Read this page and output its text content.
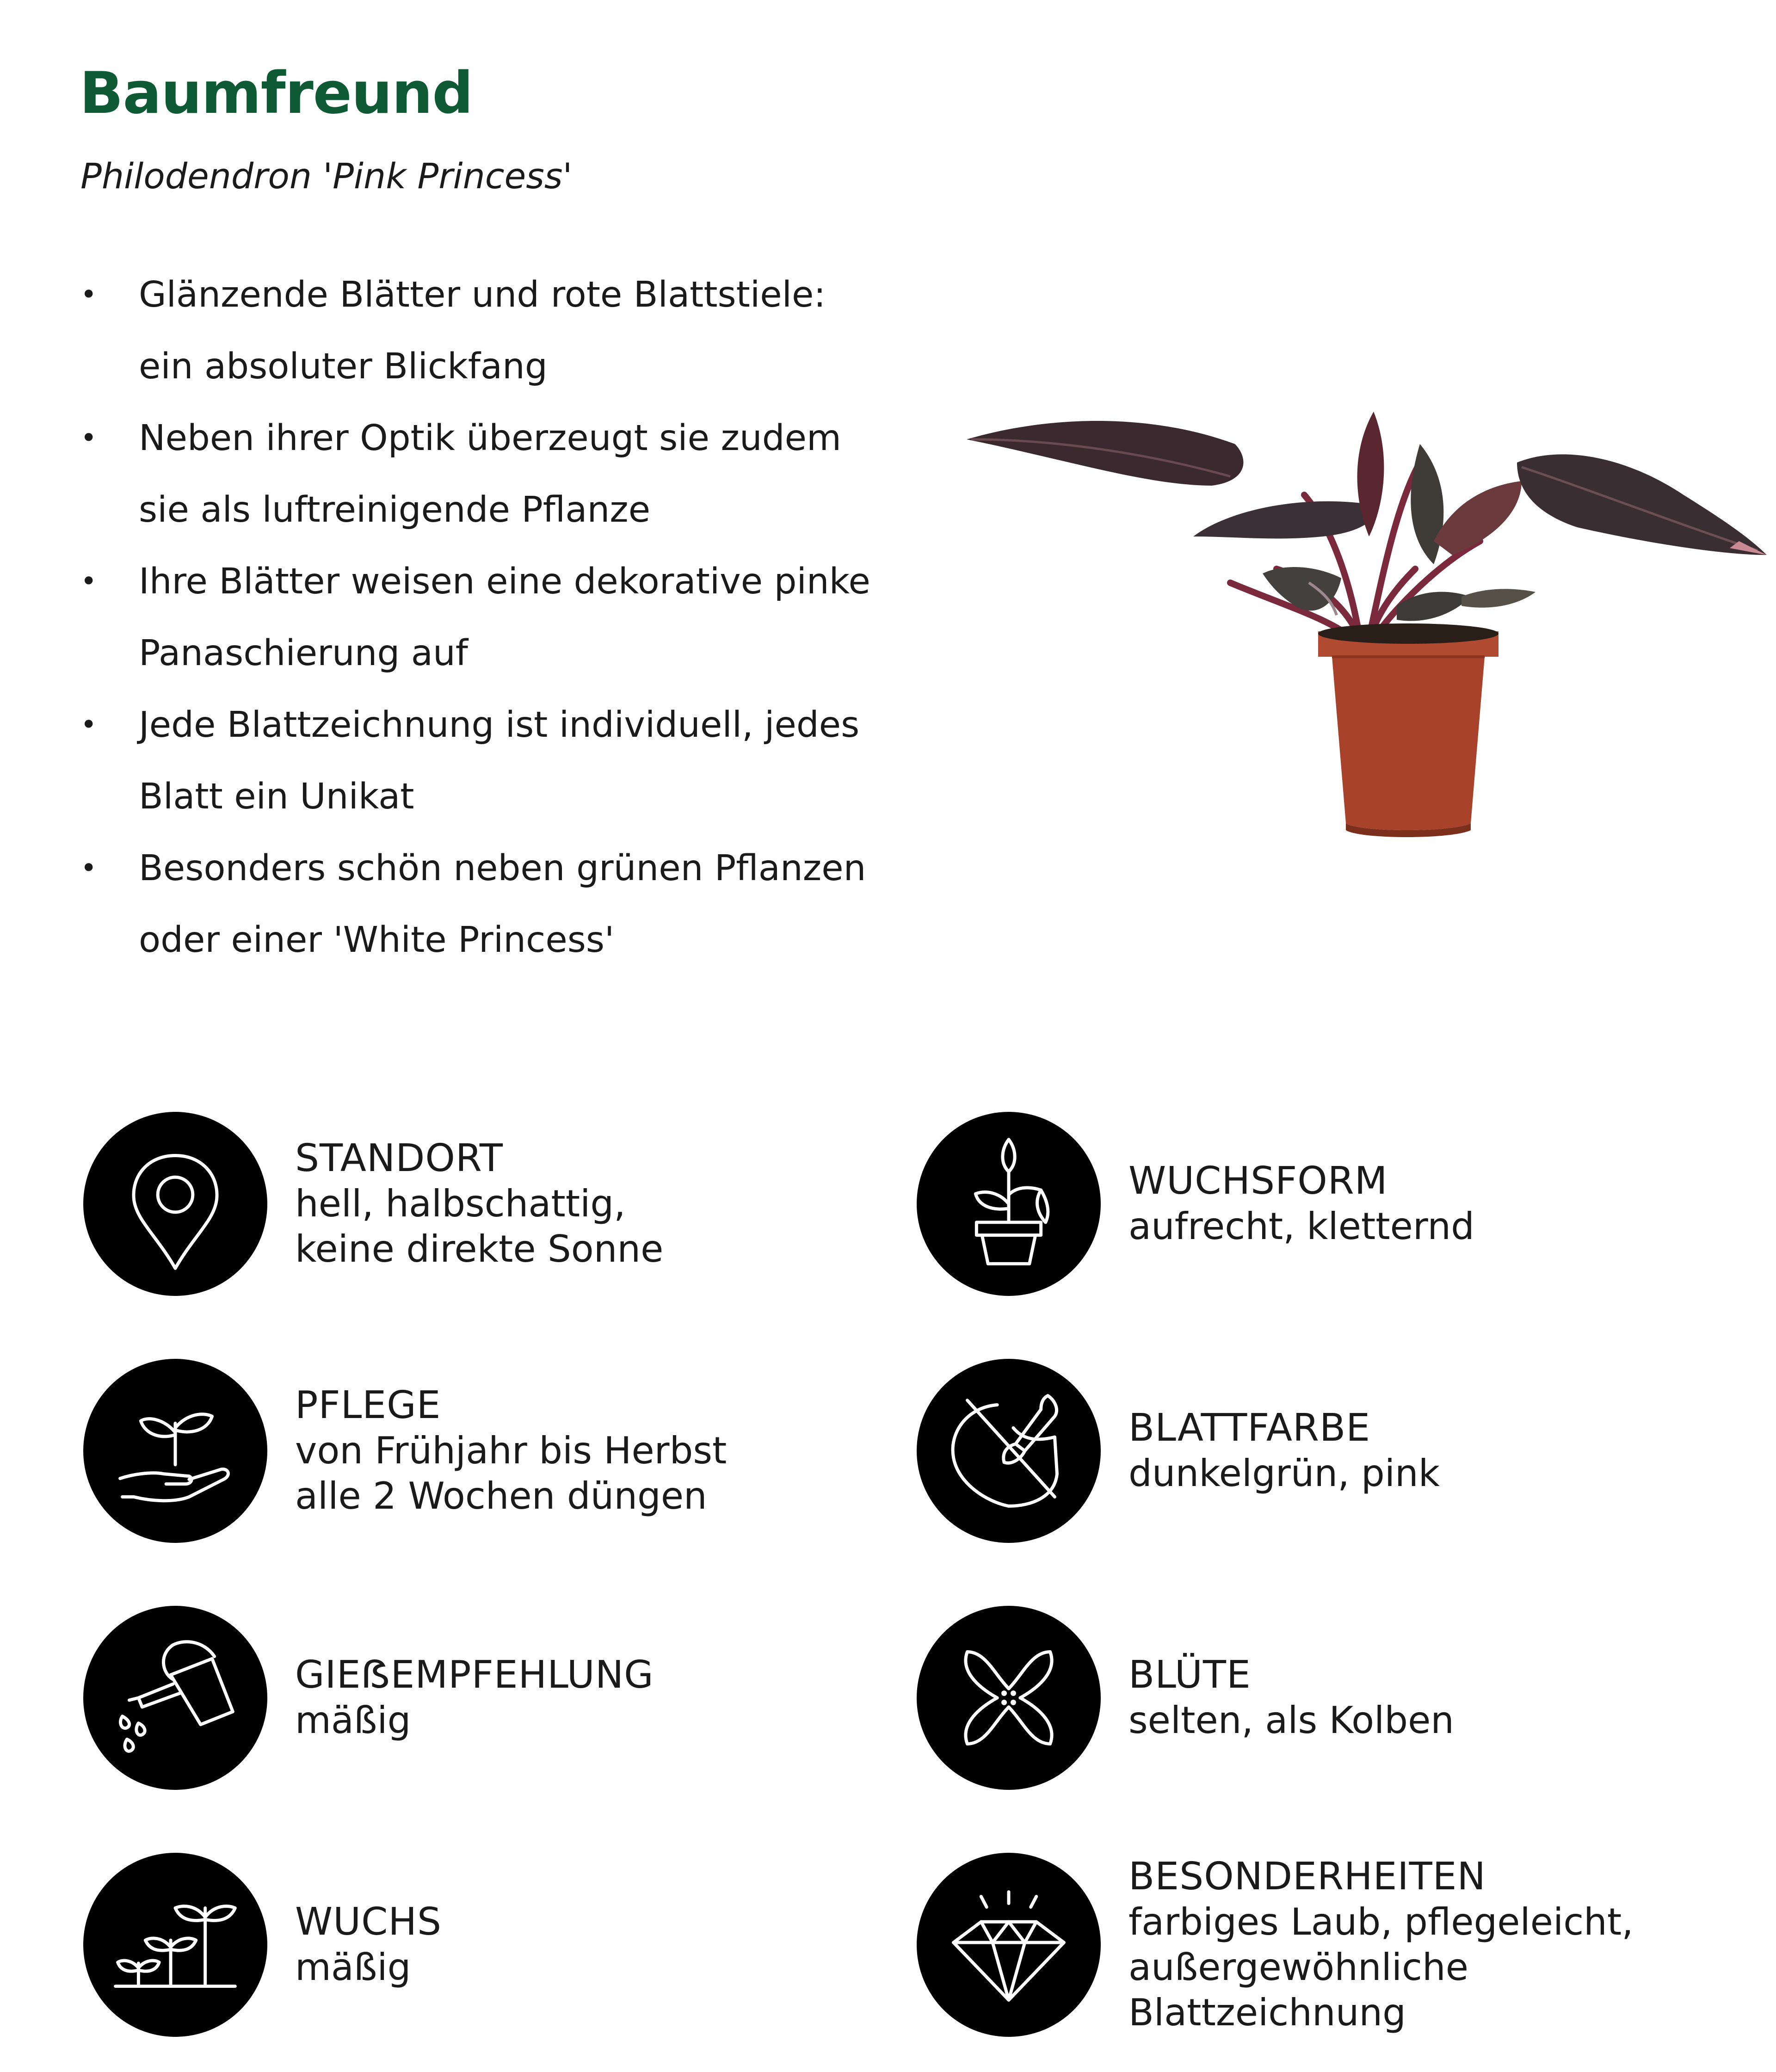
Baumfreund
Philodendron 'Pink Princess'
• Glänzende Blätter und rote Blattstiele:
ein absoluter Blickfang
• Neben ihrer Optik überzeugt sie zudem
sie als luftreinigende Pflanze
• Ihre Blätter weisen eine dekorative pinke
Panaschierung auf
• Jede Blattzeichnung ist individuell, jedes
Blatt ein Unikat
• Besonders schön neben grünen Pflanzen
oder einer 'White Princess'
STANDORT
hell, halbschattig,
keine direkte Sonne
WUCHSFORM
aufrecht, kletternd
PFLEGE
von Frühjahr bis Herbst
alle 2 Wochen düngen
BLATTFARBE
dunkelgrün, pink
GIEẞEMPFEHLUNG
mäßig
BLÜTE
selten, als Kolben
WUCHS
mäßig
BESONDERHEITEN
farbiges Laub, pflegeleicht,
außergewöhnliche Blattzeichnung
